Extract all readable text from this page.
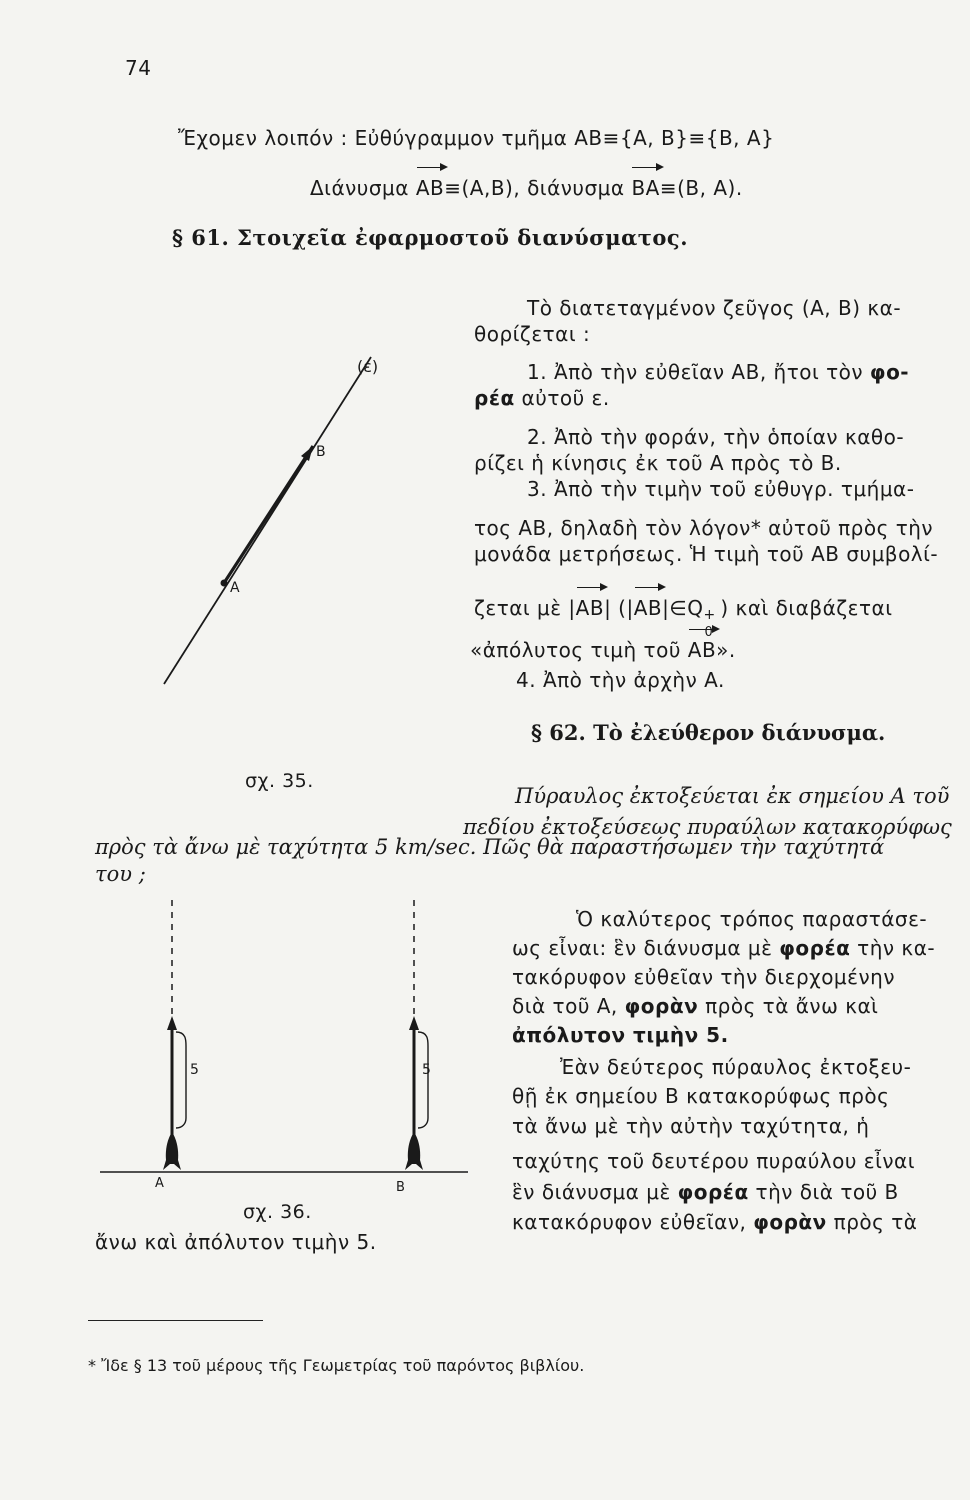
74
Ἔχομεν λοιπόν : Εὐθύγραμμον τμῆμα AB≡{A, B}≡{B, A}
Διάνυσμα AB≡(A,B), διάνυσμα BA≡(B, A).
§ 61. Στοιχεῖα ἐφαρμοστοῦ διανύσματος.
Τὸ διατεταγμένον ζεῦγος (A, B) κα-
θορίζεται :
1. Ἀπὸ τὴν εὐθεῖαν AB, ἤτοι τὸν φο-
ρέα αὐτοῦ ε.
2. Ἀπὸ τὴν φοράν, τὴν ὁποίαν καθο-
ρίζει ἡ κίνησις ἐκ τοῦ A πρὸς τὸ B.
3. Ἀπὸ τὴν τιμὴν τοῦ εὐθυγρ. τμήμα-
τος AB, δηλαδὴ τὸν λόγον* αὐτοῦ πρὸς τὴν
μονάδα μετρήσεως. Ἡ τιμὴ τοῦ AB συμβολί-
ζεται μὲ |AB| (|AB|∈Q +
0
) καὶ διαβάζεται
«ἀπόλυτος τιμὴ τοῦ AB».
4. Ἀπὸ τὴν ἀρχὴν A.
(ε)
B
A
σχ. 35.
§ 62. Τὸ ἐλεύθερον διάνυσμα.
Πύραυλος ἐκτοξεύεται ἐκ σημείου A τοῦ
πεδίου ἐκτοξεύσεως πυραύλων κατακορύφως
πρὸς τὰ ἄνω μὲ ταχύτητα 5 km/sec. Πῶς θὰ παραστήσωμεν τὴν ταχύτητά
του ;
Ὁ καλύτερος τρόπος παραστάσε-
ως εἶναι: ἓν διάνυσμα μὲ φορέα τὴν κα-
τακόρυφον εὐθεῖαν τὴν διερχομένην
διὰ τοῦ A, φορὰν πρὸς τὰ ἄνω καὶ
ἀπόλυτον τιμὴν 5.
Ἐὰν δεύτερος πύραυλος ἐκτοξευ-
θῇ ἐκ σημείου B κατακορύφως πρὸς
τὰ ἄνω μὲ τὴν αὐτὴν ταχύτητα, ἡ
ταχύτης τοῦ δευτέρου πυραύλου εἶναι
ἓν διάνυσμα μὲ φορέα τὴν διὰ τοῦ B
κατακόρυφον εὐθεῖαν, φορὰν πρὸς τὰ
ἄνω καὶ ἀπόλυτον τιμὴν 5.
5	5
A	B
σχ. 36.
* Ἴδε § 13 τοῦ μέρους τῆς Γεωμετρίας τοῦ παρόντος βιβλίου.
